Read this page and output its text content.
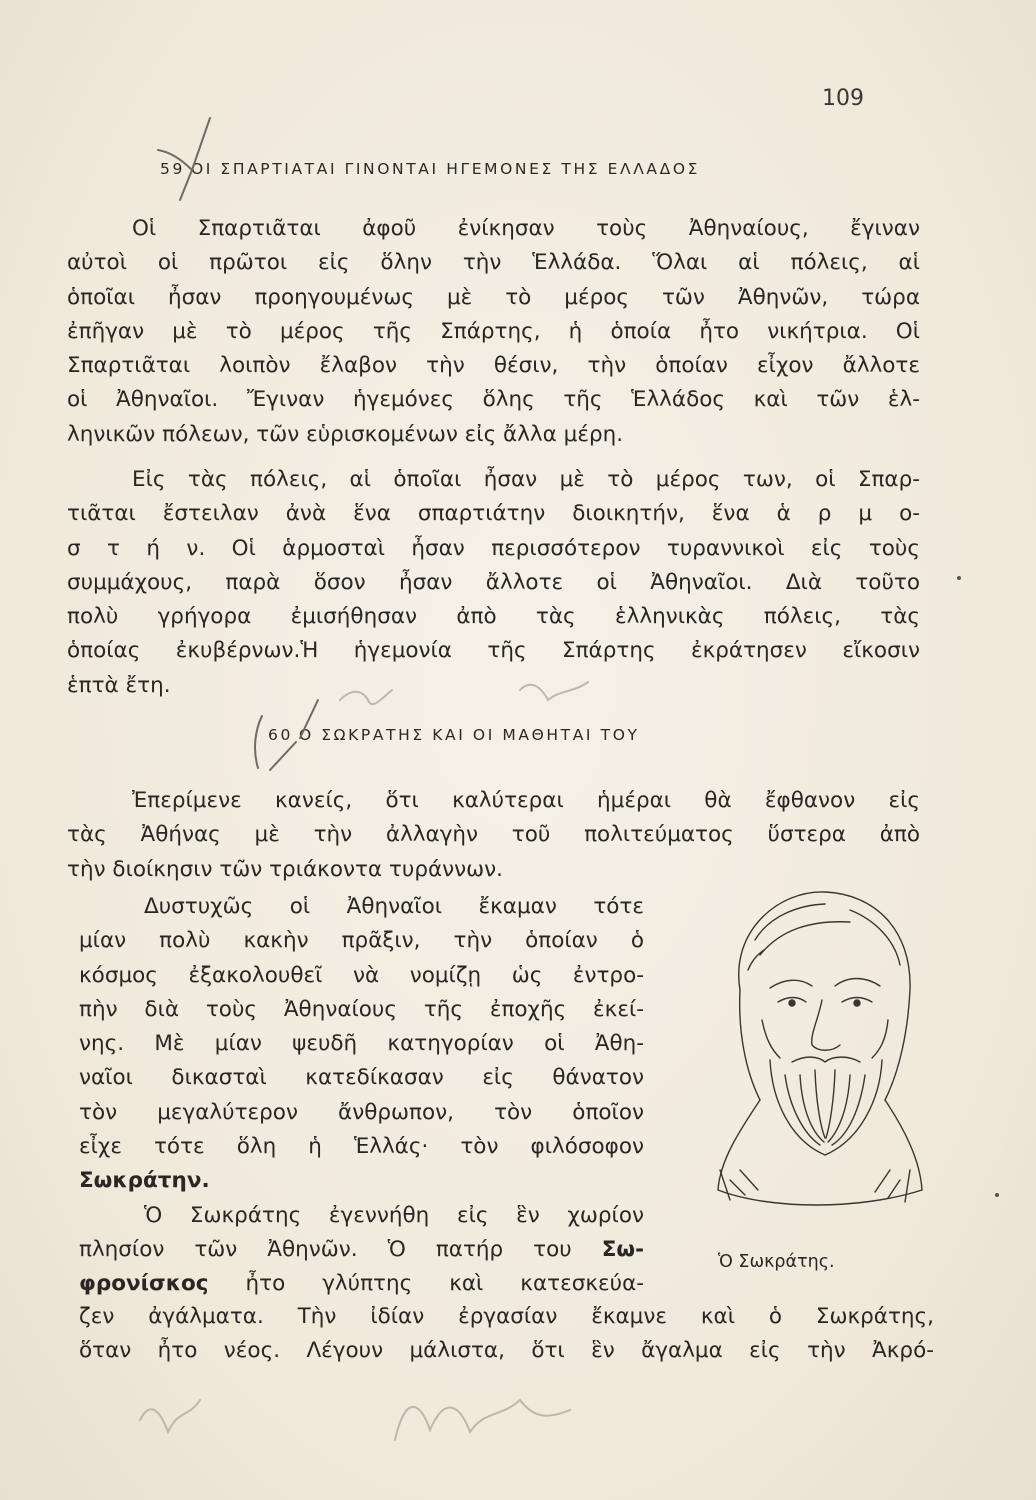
109
59 ΟΙ ΣΠΑΡΤΙΑΤΑΙ ΓΙΝΟΝΤΑΙ ΗΓΕΜΟΝΕΣ ΤΗΣ ΕΛΛΑΔΟΣ

Οἱ Σπαρτιᾶται ἀφοῦ ἐνίκησαν τοὺς Ἀθηναίους, ἔγιναν

αὐτοὶ οἱ πρῶτοι εἰς ὅλην τὴν Ἑλλάδα. Ὅλαι αἱ πόλεις, αἱ

ὁποῖαι ἦσαν προηγουμένως μὲ τὸ μέρος τῶν Ἀθηνῶν, τώρα

ἐπῆγαν μὲ τὸ μέρος τῆς Σπάρτης, ἡ ὁποία ἦτο νικήτρια. Οἱ

Σπαρτιᾶται λοιπὸν ἔλαβον τὴν θέσιν, τὴν ὁποίαν εἶχον ἄλλοτε

οἱ Ἀθηναῖοι. Ἔγιναν ἡγεμόνες ὅλης τῆς Ἑλλάδος καὶ τῶν ἑλ-

ληνικῶν πόλεων, τῶν εὑρισκομένων εἰς ἄλλα μέρη.

Εἰς τὰς πόλεις, αἱ ὁποῖαι ἦσαν μὲ τὸ μέρος των, οἱ Σπαρ-

τιᾶται ἔστειλαν ἀνὰ ἕνα σπαρτιάτην διοικητήν, ἕνα ἁ ρ μ ο-

σ τ ή ν. Οἱ ἁρμοσταὶ ἦσαν περισσότερον τυραννικοὶ εἰς τοὺς

συμμάχους, παρὰ ὅσον ἦσαν ἄλλοτε οἱ Ἀθηναῖοι. Διὰ τοῦτο

πολὺ γρήγορα ἐμισήθησαν ἀπὸ τὰς ἑλληνικὰς πόλεις, τὰς

ὁποίας ἐκυβέρνων.Ἡ ἡγεμονία τῆς Σπάρτης ἐκράτησεν εἴκοσιν

ἑπτὰ ἔτη.

60 Ο ΣΩΚΡΑΤΗΣ ΚΑΙ ΟΙ ΜΑΘΗΤΑΙ ΤΟΥ

Ἐπερίμενε κανείς, ὅτι καλύτεραι ἡμέραι θὰ ἔφθανον εἰς

τὰς Ἀθήνας μὲ τὴν ἀλλαγὴν τοῦ πολιτεύματος ὕστερα ἀπὸ

τὴν διοίκησιν τῶν τριάκοντα τυράννων.

Δυστυχῶς οἱ Ἀθηναῖοι ἔκαμαν τότε

μίαν πολὺ κακὴν πρᾶξιν, τὴν ὁποίαν ὁ

κόσμος ἐξακολουθεῖ νὰ νομίζῃ ὡς ἐντρο-

πὴν διὰ τοὺς Ἀθηναίους τῆς ἐποχῆς ἐκεί-

νης. Μὲ μίαν ψευδῆ κατηγορίαν οἱ Ἀθη-

ναῖοι δικασταὶ κατεδίκασαν εἰς θάνατον

τὸν μεγαλύτερον ἄνθρωπον, τὸν ὁποῖον

εἶχε τότε ὅλη ἡ Ἑλλάς· τὸν φιλόσοφον

Σωκράτην.

Ὁ Σωκράτης ἐγεννήθη εἰς ἓν χωρίον

πλησίον τῶν Ἀθηνῶν. Ὁ πατήρ του Σω-

φρονίσκος ἦτο γλύπτης καὶ κατεσκεύα-

ζεν ἀγάλματα. Τὴν ἰδίαν ἐργασίαν ἔκαμνε καὶ ὁ Σωκράτης,

ὅταν ἦτο νέος. Λέγουν μάλιστα, ὅτι ἓν ἄγαλμα εἰς τὴν Ἀκρό-

Ὁ Σωκράτης.
